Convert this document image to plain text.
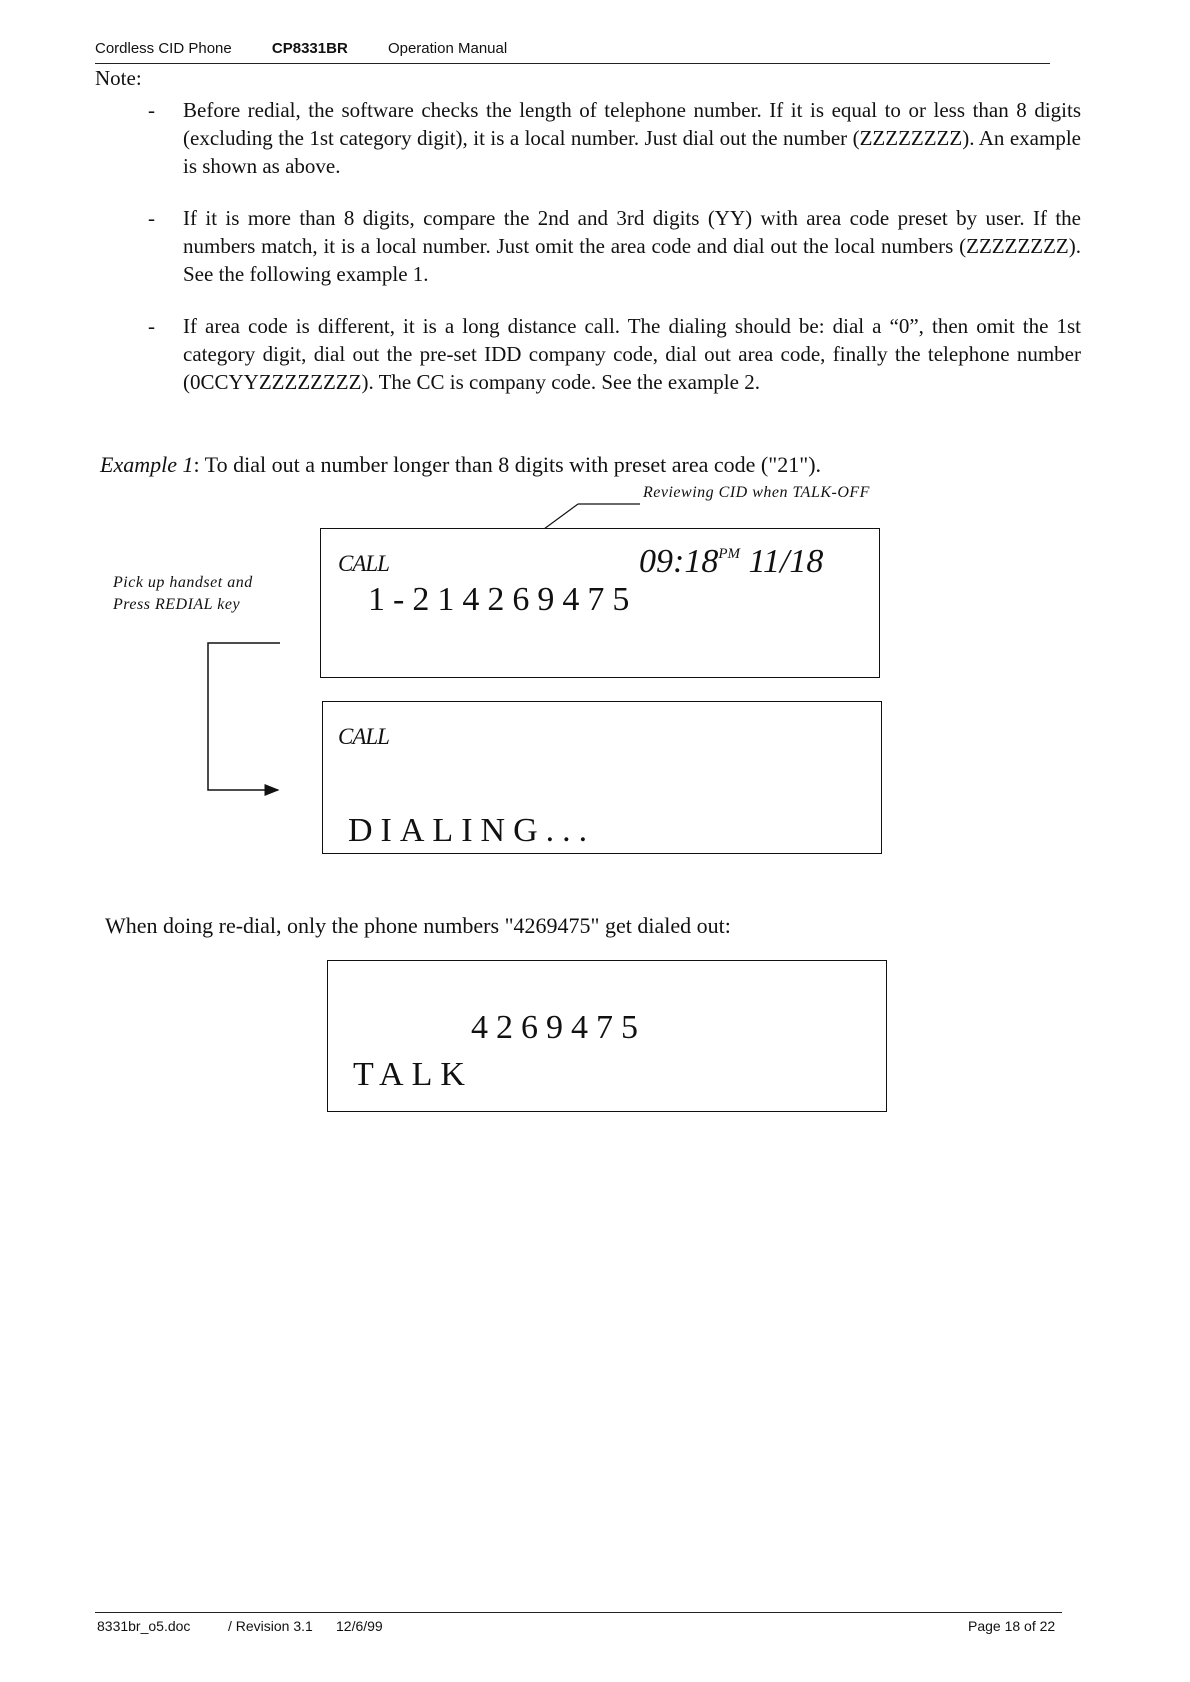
Cordless CID Phone	CP8331BR	Operation Manual
Note:
- Before redial, the software checks the length of telephone number. If it is equal to or less than 8 digits (excluding the 1st category digit), it is a local number. Just dial out the number (ZZZZZZZZ). An example is shown as above.

- If it is more than 8 digits, compare the 2nd and 3rd digits (YY) with area code preset by user. If the numbers match, it is a local number. Just omit the area code and dial out the local numbers (ZZZZZZZZ). See the following example 1.

- If area code is different, it is a long distance call. The dialing should be: dial a “0”, then omit the 1st category digit, dial out the pre-set IDD company code, dial out area code, finally the telephone number (0CCYYZZZZZZZZ). The CC is company code. See the example 2.

Example 1: To dial out a number longer than 8 digits with preset area code ("21").
Reviewing CID when TALK-OFF
Pick up handset and
Press REDIAL key
CALL	$09:18^{PM}$ 11/18
1-214269475
CALL
DIALING...
When doing re-dial, only the phone numbers "4269475" get dialed out:
4269475
TALK
8331br_o5.doc	/ Revision 3.1 12/6/99	Page 18 of 22
